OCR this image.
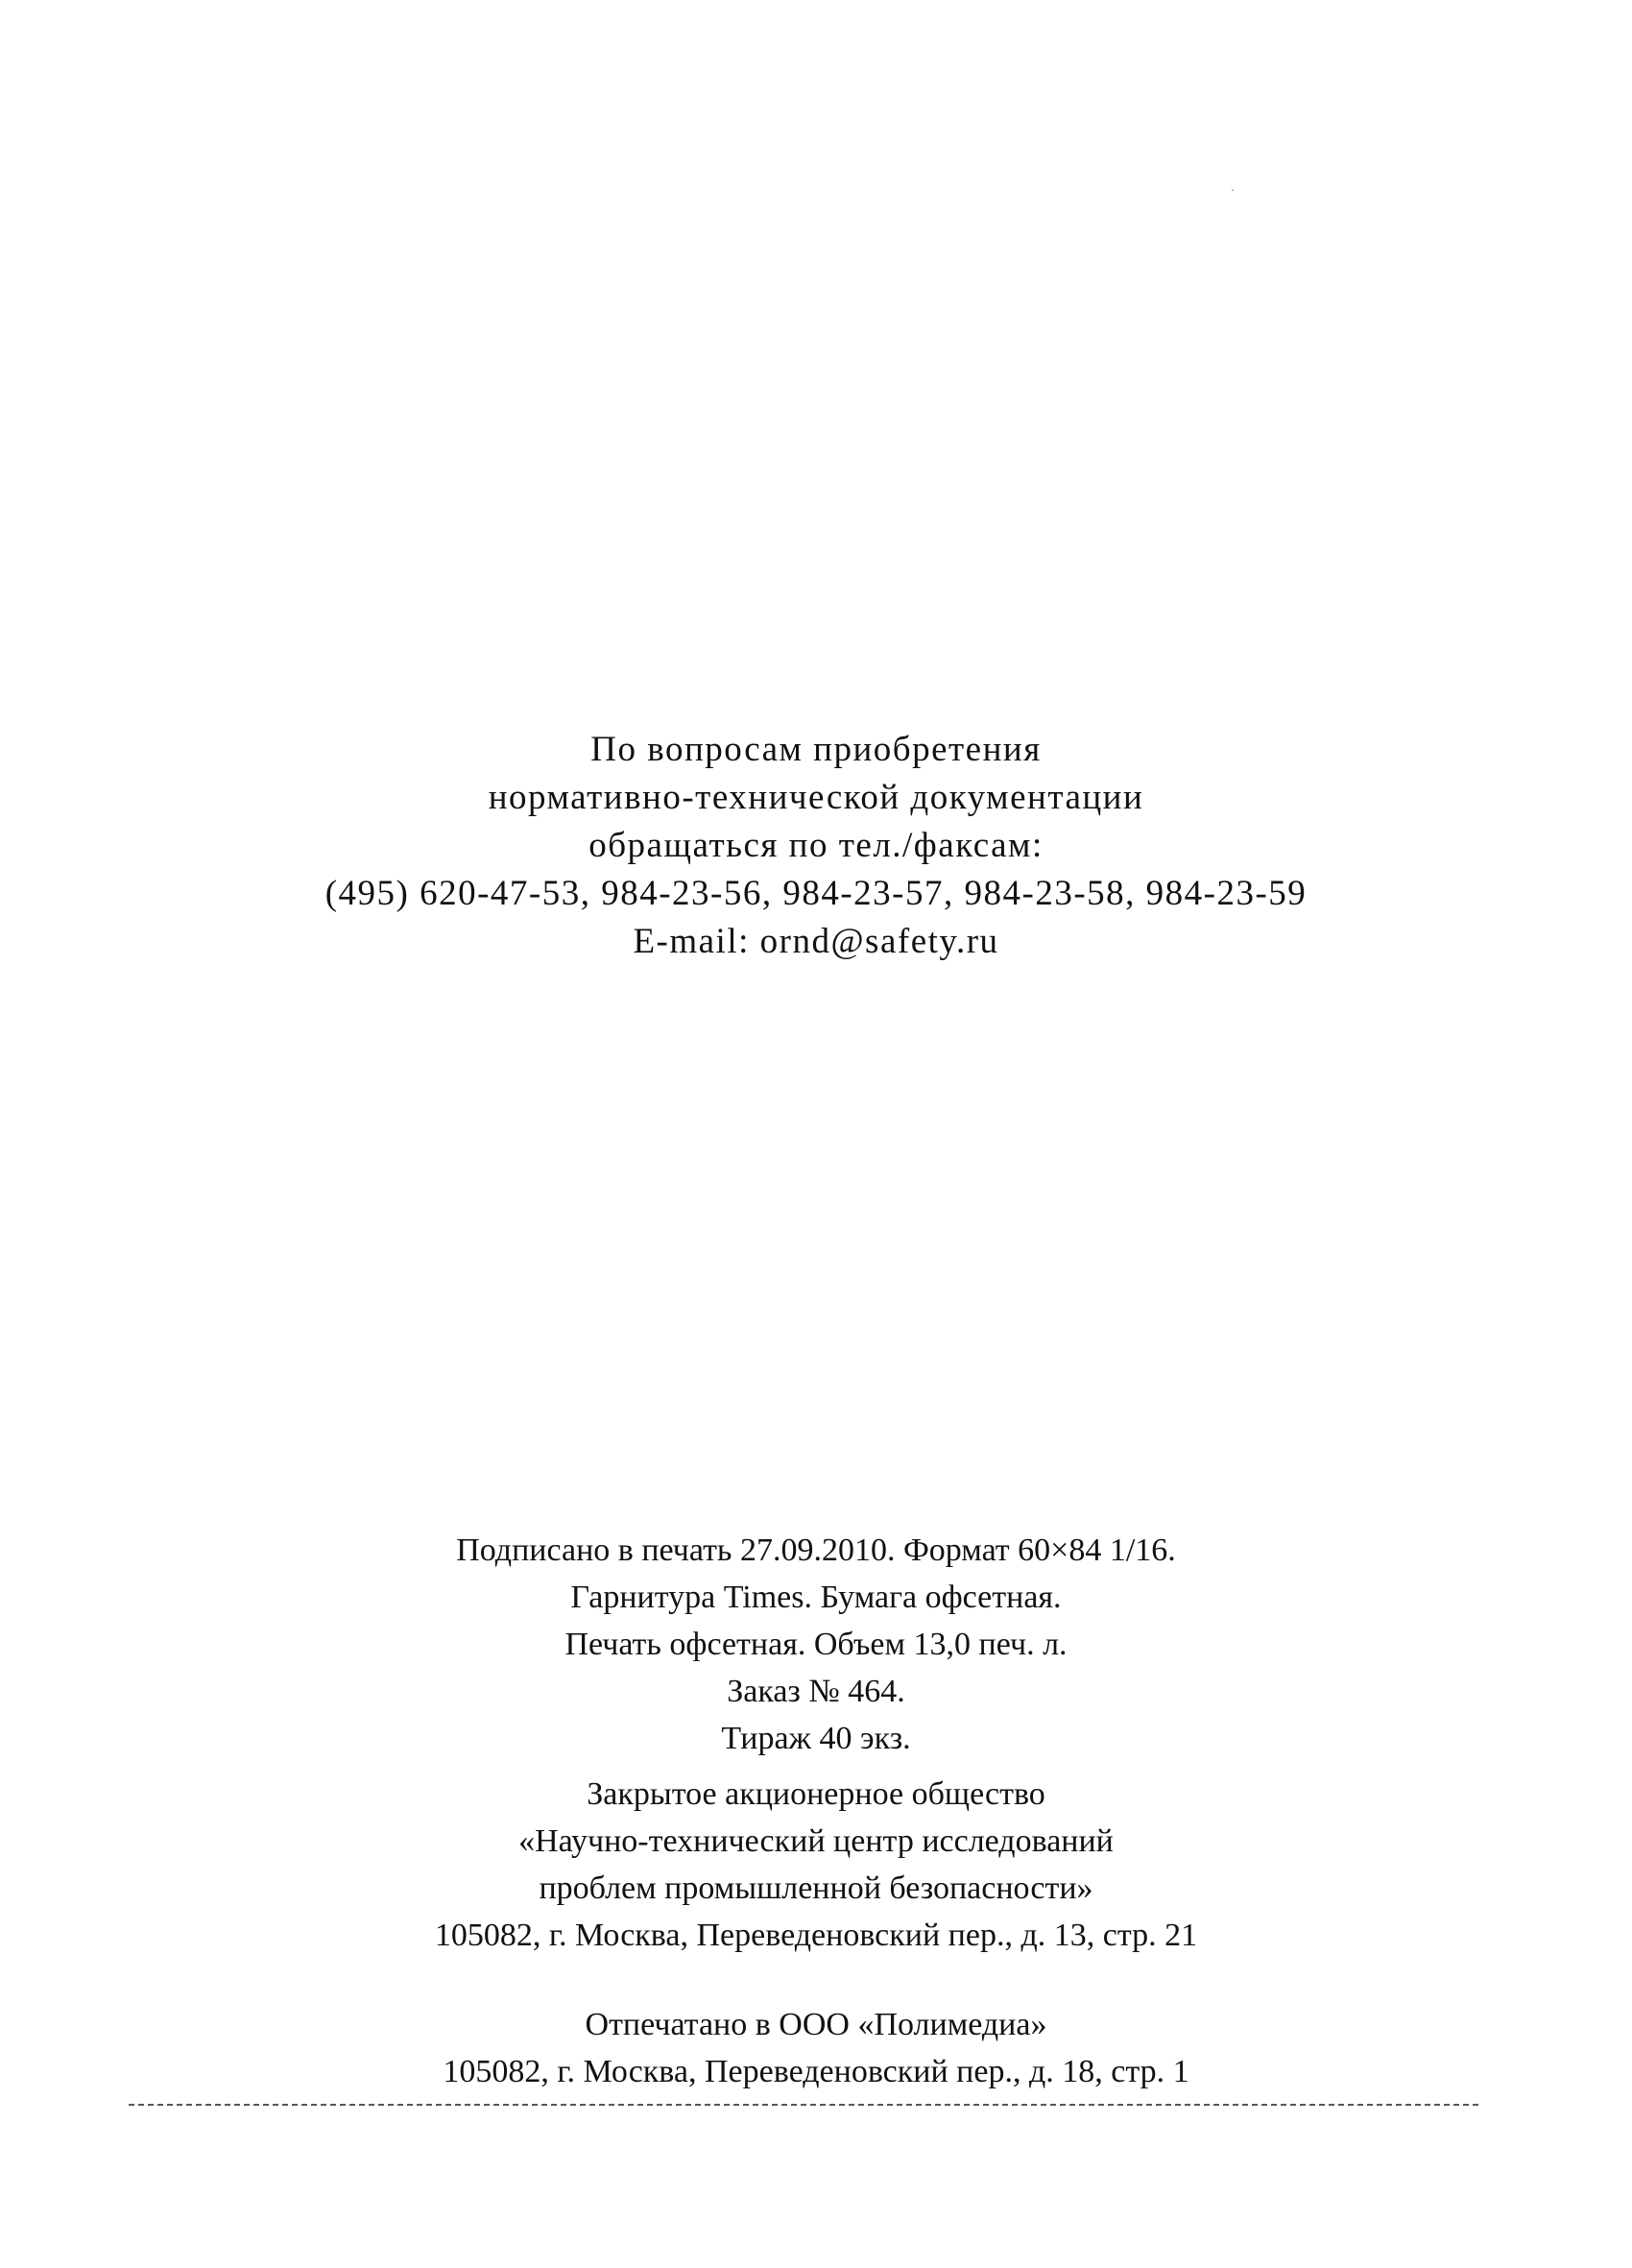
По вопросам приобретения
нормативно-технической документации
обращаться по тел./факсам:
(495) 620-47-53, 984-23-56, 984-23-57, 984-23-58, 984-23-59
E-mail: ornd@safety.ru
Подписано в печать 27.09.2010. Формат 60×84 1/16.
Гарнитура Times. Бумага офсетная.
Печать офсетная. Объем 13,0 печ. л.
Заказ № 464.
Тираж 40 экз.
Закрытое акционерное общество
«Научно-технический центр исследований
проблем промышленной безопасности»
105082, г. Москва, Переведеновский пер., д. 13, стр. 21
Отпечатано в ООО «Полимедиа»
105082, г. Москва, Переведеновский пер., д. 18, стр. 1
